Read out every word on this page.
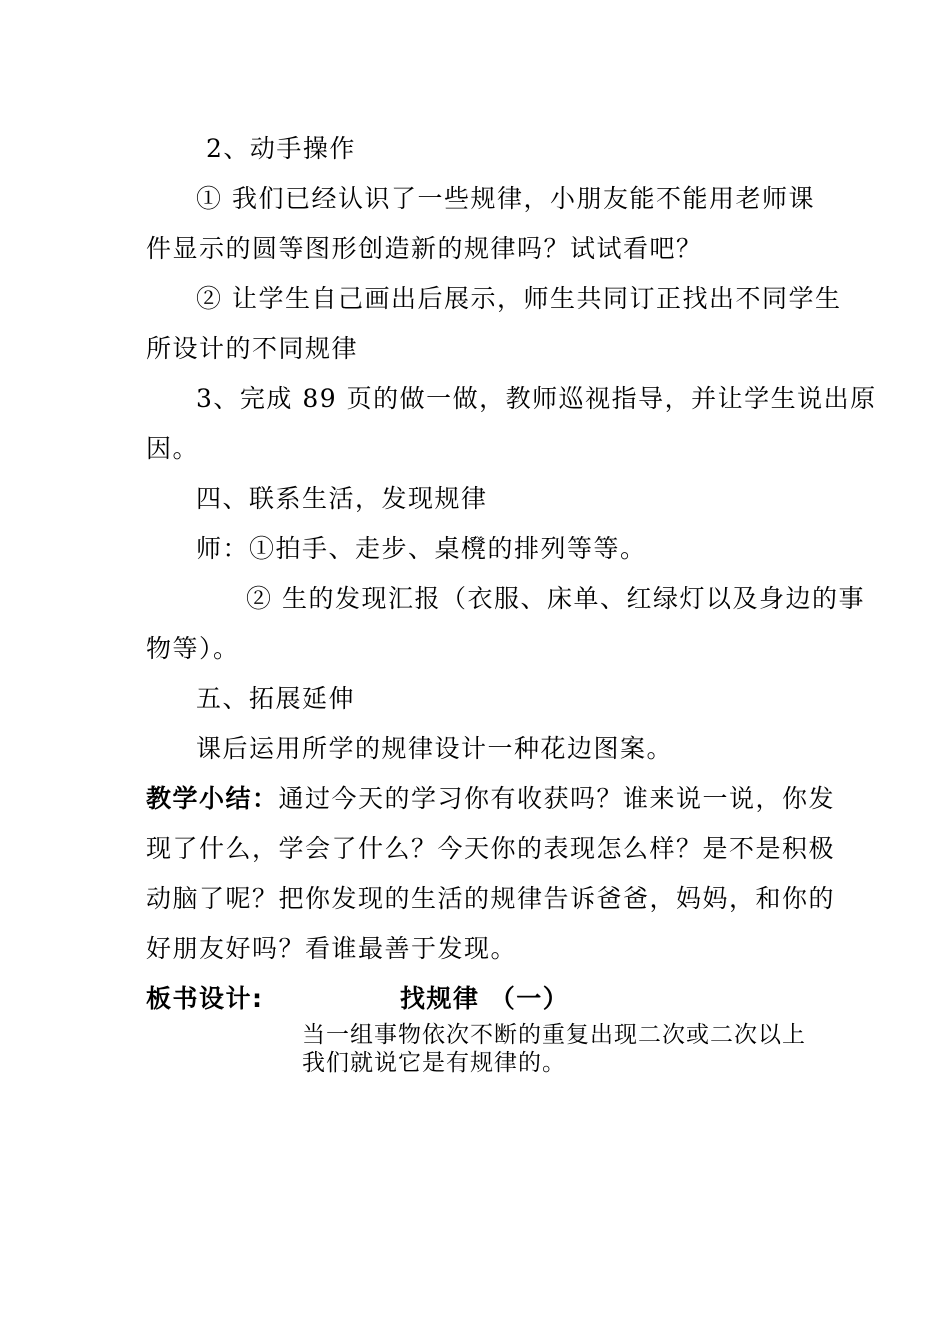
2、动手操作
① 我们已经认识了一些规律，小朋友能不能用老师课
件显示的圆等图形创造新的规律吗？试试看吧？
② 让学生自己画出后展示，师生共同订正找出不同学生
所设计的不同规律
3、完成 89 页的做一做，教师巡视指导，并让学生说出原
因。
四、联系生活，发现规律
师：①拍手、走步、桌櫈的排列等等。
② 生的发现汇报（衣服、床单、红绿灯以及身边的事
物等）。
五、拓展延伸
课后运用所学的规律设计一种花边图案。
教学小结：通过今天的学习你有收获吗？谁来说一说，你发
现了什么，学会了什么？今天你的表现怎么样？是不是积极
动脑了呢？把你发现的生活的规律告诉爸爸，妈妈，和你的
好朋友好吗？看谁最善于发现。
板书设计:	找规律 （一）
当一组事物依次不断的重复出现二次或二次以上
我们就说它是有规律的。
